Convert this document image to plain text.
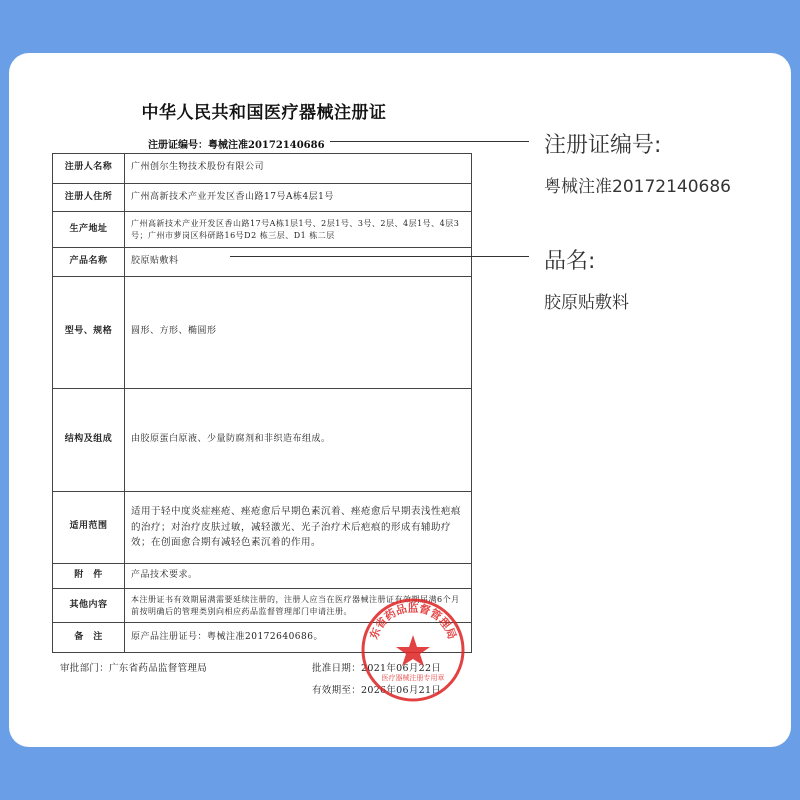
中华人民共和国医疗器械注册证
注册证编号：粤械注准20172140686
注册人名称	广州创尔生物技术股份有限公司
注册人住所	广州高新技术产业开发区香山路17号A栋4层1号
生产地址	广州高新技术产业开发区香山路17号A栋1层1号、2层1号、3号、2层、4层1号、4层3号；广州市萝岗区科研路16号D2 栋三层、D1 栋二层
产品名称	胶原贴敷料
型号、规格	圆形、方形、椭圆形
结构及组成	由胶原蛋白原液、少量防腐剂和非织造布组成。
适用范围	适用于轻中度炎症痤疮、痤疮愈后早期色素沉着、痤疮愈后早期表浅性疤痕的治疗；对治疗皮肤过敏，减轻激光、光子治疗术后疤痕的形成有辅助疗效；在创面愈合期有减轻色素沉着的作用。
附　件	产品技术要求。
其他内容	本注册证书有效期届满需要延续注册的，注册人应当在医疗器械注册证有效期届满6个月前按明确后的管理类别向相应药品监督管理部门申请注册。
备　注	原产品注册证号：粤械注准20172640686。
审批部门：广东省药品监督管理局	批准日期：2021年06月22日
有效期至：2026年06月21日
东省药品监督管理局
医疗器械注册专用章
注册证编号:
粤械注准20172140686
品名:
胶原贴敷料
